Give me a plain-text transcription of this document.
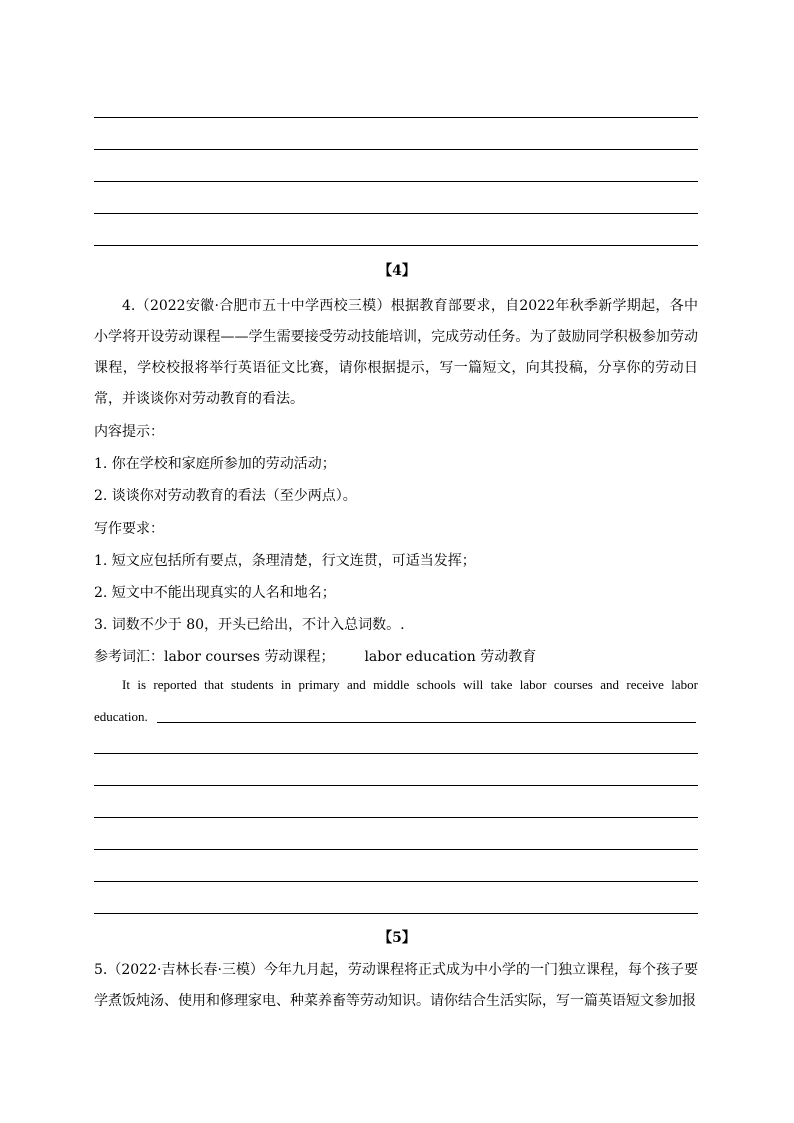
【4】
4.（2022安徽·合肥市五十中学西校三模）根据教育部要求，自2022年秋季新学期起，各中小学将开设劳动课程——学生需要接受劳动技能培训，完成劳动任务。为了鼓励同学积极参加劳动课程，学校校报将举行英语征文比赛，请你根据提示，写一篇短文，向其投稿，分享你的劳动日常，并谈谈你对劳动教育的看法。
内容提示：
1. 你在学校和家庭所参加的劳动活动；
2. 谈谈你对劳动教育的看法（至少两点）。
写作要求：
1. 短文应包括所有要点，条理清楚，行文连贯，可适当发挥；
2. 短文中不能出现真实的人名和地名；
3. 词数不少于 80，开头已给出，不计入总词数。.
参考词汇：labor courses 劳动课程； labor education 劳动教育
It is reported that students in primary and middle schools will take labor courses and receive labor
education.
【5】
5.（2022·吉林长春·三模）今年九月起，劳动课程将正式成为中小学的一门独立课程，每个孩子要学煮饭炖汤、使用和修理家电、种菜养畜等劳动知识。请你结合生活实际，写一篇英语短文参加报
